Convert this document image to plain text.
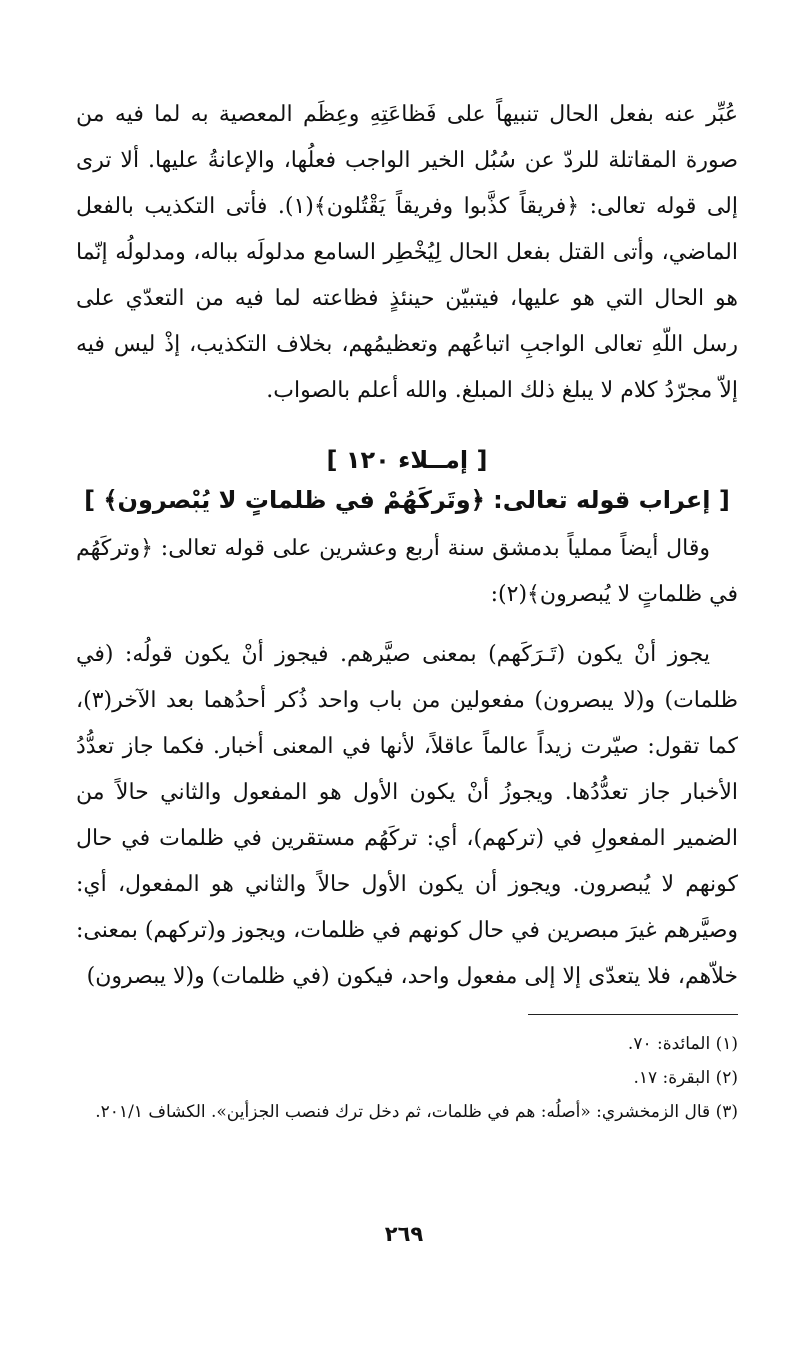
عُبِّر عنه بفعل الحال تنبيهاً على فَظاعَتِهِ وعِظَم المعصية به لما فيه من صورة المقاتلة للردّ عن سُبُل الخير الواجب فعلُها، والإعانةُ عليها. ألا ترى إلى قوله تعالى: ﴿فريقاً كذَّبوا وفريقاً يَقْتُلون﴾(١). فأتى التكذيب بالفعل الماضي، وأتى القتل بفعل الحال لِيُخْطِر السامع مدلولَه بباله، ومدلولُه إنّما هو الحال التي هو عليها، فيتبيّن حينئذٍ فظاعته لما فيه من التعدّي على رسل اللّهِ تعالى الواجبِ اتباعُهم وتعظيمُهم، بخلاف التكذيب، إذْ ليس فيه إلاّ مجرّدُ كلام لا يبلغ ذلك المبلغ. والله أعلم بالصواب.

[ إمــلاء ١٢٠ ]

[ إعراب قوله تعالى: ﴿وتَركَهُمْ في ظلماتٍ لا يُبْصرون﴾ ]

وقال أيضاً مملياً بدمشق سنة أربع وعشرين على قوله تعالى: ﴿وتركَهُم في ظلماتٍ لا يُبصرون﴾(٢):

يجوز أنْ يكون (تَـرَكَهم) بمعنى صيَّرهم. فيجوز أنْ يكون قولُه: (في ظلمات) و(لا يبصرون) مفعولين من باب واحد ذُكر أحدُهما بعد الآخر(٣)، كما تقول: صيّرت زيداً عالماً عاقلاً، لأنها في المعنى أخبار. فكما جاز تعدُّدُ الأخبار جاز تعدُّدُها. ويجوزُ أنْ يكون الأول هو المفعول والثاني حالاً من الضمير المفعولِ في (تركهم)، أي: تركَهُم مستقرين في ظلمات في حال كونهم لا يُبصرون. ويجوز أن يكون الأول حالاً والثاني هو المفعول، أي: وصيَّرهم غيرَ مبصرين في حال كونهم في ظلمات، ويجوز و(تركهم) بمعنى: خلاّهم، فلا يتعدّى إلا إلى مفعول واحد، فيكون (في ظلمات) و(لا يبصرون)

(١) المائدة: ٧٠.

(٢) البقرة: ١٧.

(٣) قال الزمخشري: «أصلُه: هم في ظلمات، ثم دخل ترك فنصب الجزأين». الكشاف ٢٠١/١.

٢٦٩
